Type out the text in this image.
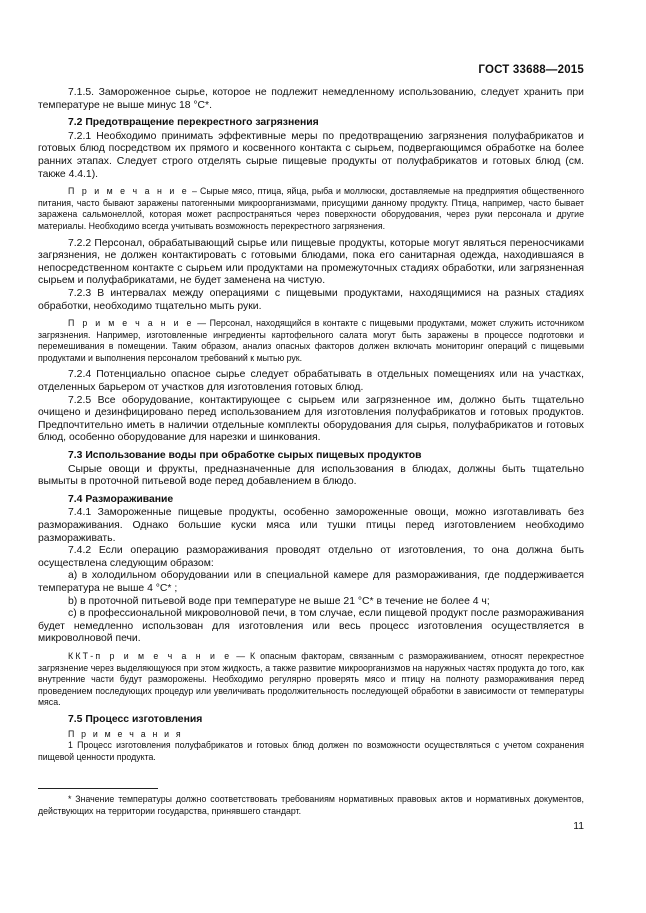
ГОСТ 33688—2015

7.1.5. Замороженное сырье, которое не подлежит немедленному использованию, следует хранить при температуре не выше минус 18 °С*.

7.2 Предотвращение перекрестного загрязнения

7.2.1 Необходимо принимать эффективные меры по предотвращению загрязнения полуфабрикатов и готовых блюд посредством их прямого и косвенного контакта с сырьем, подвергающимся обработке на более ранних этапах. Следует строго отделять сырые пищевые продукты от полуфабрикатов и готовых блюд (см. также 4.4.1).

П р и м е ч а н и е – Сырые мясо, птица, яйца, рыба и моллюски, доставляемые на предприятия общественного питания, часто бывают заражены патогенными микроорганизмами, присущими данному продукту. Птица, например, часто бывает заражена сальмонеллой, которая может распространяться через поверхности оборудования, через руки персонала и другие материалы. Необходимо всегда учитывать возможность перекрестного загрязнения.

7.2.2 Персонал, обрабатывающий сырье или пищевые продукты, которые могут являться переносчиками загрязнения, не должен контактировать с готовыми блюдами, пока его санитарная одежда, находившаяся в непосредственном контакте с сырьем или продуктами на промежуточных стадиях обработки, или загрязненная сырьем и полуфабрикатами, не будет заменена на чистую.

7.2.3 В интервалах между операциями с пищевыми продуктами, находящимися на разных стадиях обработки, необходимо тщательно мыть руки.

П р и м е ч а н и е — Персонал, находящийся в контакте с пищевыми продуктами, может служить источником загрязнения. Например, изготовленные ингредиенты картофельного салата могут быть заражены в процессе подготовки и перемешивания в помещении. Таким образом, анализ опасных факторов должен включать мониторинг операций с пищевыми продуктами и выполнения персоналом требований к мытью рук.

7.2.4 Потенциально опасное сырье следует обрабатывать в отдельных помещениях или на участках, отделенных барьером от участков для изготовления готовых блюд.

7.2.5 Все оборудование, контактирующее с сырьем или загрязненное им, должно быть тщательно очищено и дезинфицировано перед использованием для изготовления полуфабрикатов и готовых продуктов. Предпочтительно иметь в наличии отдельные комплекты оборудования для сырья, полуфабрикатов и готовых блюд, особенно оборудование для нарезки и шинкования.

7.3 Использование воды при обработке сырых пищевых продуктов

Сырые овощи и фрукты, предназначенные для использования в блюдах, должны быть тщательно вымыты в проточной питьевой воде перед добавлением в блюдо.

7.4 Размораживание

7.4.1 Замороженные пищевые продукты, особенно замороженные овощи, можно изготавливать без размораживания. Однако большие куски мяса или тушки птицы перед изготовлением необходимо размораживать.

7.4.2 Если операцию размораживания проводят отдельно от изготовления, то она должна быть осуществлена следующим образом:

a) в холодильном оборудовании или в специальной камере для размораживания, где поддерживается температура не выше 4 °С* ;

b) в проточной питьевой воде при температуре не выше 21 °С* в течение не более 4 ч;

c) в профессиональной микроволновой печи, в том случае, если пищевой продукт после размораживания будет немедленно использован для изготовления или весь процесс изготовления осуществляется в микроволновой печи.

ККТ-п р и м е ч а н и е — К опасным факторам, связанным с размораживанием, относят перекрестное загрязнение через выделяющуюся при этом жидкость, а также развитие микроорганизмов на наружных частях продукта до того, как внутренние части будут разморожены. Необходимо регулярно проверять мясо и птицу на полноту размораживания перед проведением последующих процедур или увеличивать продолжительность последующей обработки в зависимости от температуры мяса.

7.5 Процесс изготовления
П р и м е ч а н и я

1 Процесс изготовления полуфабрикатов и готовых блюд должен по возможности осуществляться с учетом сохранения пищевой ценности продукта.

* Значение температуры должно соответствовать требованиям нормативных правовых актов и нормативных документов, действующих на территории государства, принявшего стандарт.
11
